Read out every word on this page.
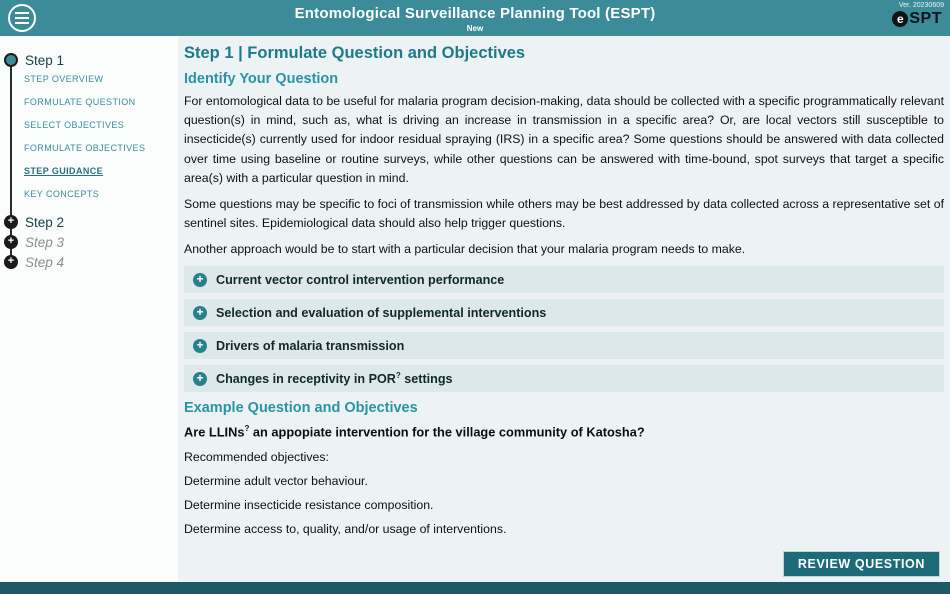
Entomological Surveillance Planning Tool (ESPT)
New
Ver. 20230609
e SPT
Step 1
STEP OVERVIEW
FORMULATE QUESTION
SELECT OBJECTIVES
FORMULATE OBJECTIVES
STEP GUIDANCE
KEY CONCEPTS
+ Step 2
+ Step 3
+ Step 4
Step 1 | Formulate Question and Objectives
Identify Your Question
For entomological data to be useful for malaria program decision-making, data should be collected with a specific programmatically relevant question(s) in mind, such as, what is driving an increase in transmission in a specific area? Or, are local vectors still susceptible to insecticide(s) currently used for indoor residual spraying (IRS) in a specific area? Some questions should be answered with data collected over time using baseline or routine surveys, while other questions can be answered with time-bound, spot surveys that target a specific area(s) with a particular question in mind.
Some questions may be specific to foci of transmission while others may be best addressed by data collected across a representative set of sentinel sites. Epidemiological data should also help trigger questions.
Another approach would be to start with a particular decision that your malaria program needs to make.
+ Current vector control intervention performance
+ Selection and evaluation of supplemental interventions
+ Drivers of malaria transmission
+ Changes in receptivity in POR? settings
Example Question and Objectives
Are LLINs? an appopiate intervention for the village community of Katosha?
Recommended objectives:
Determine adult vector behaviour.
Determine insecticide resistance composition.
Determine access to, quality, and/or usage of interventions.
REVIEW QUESTION
